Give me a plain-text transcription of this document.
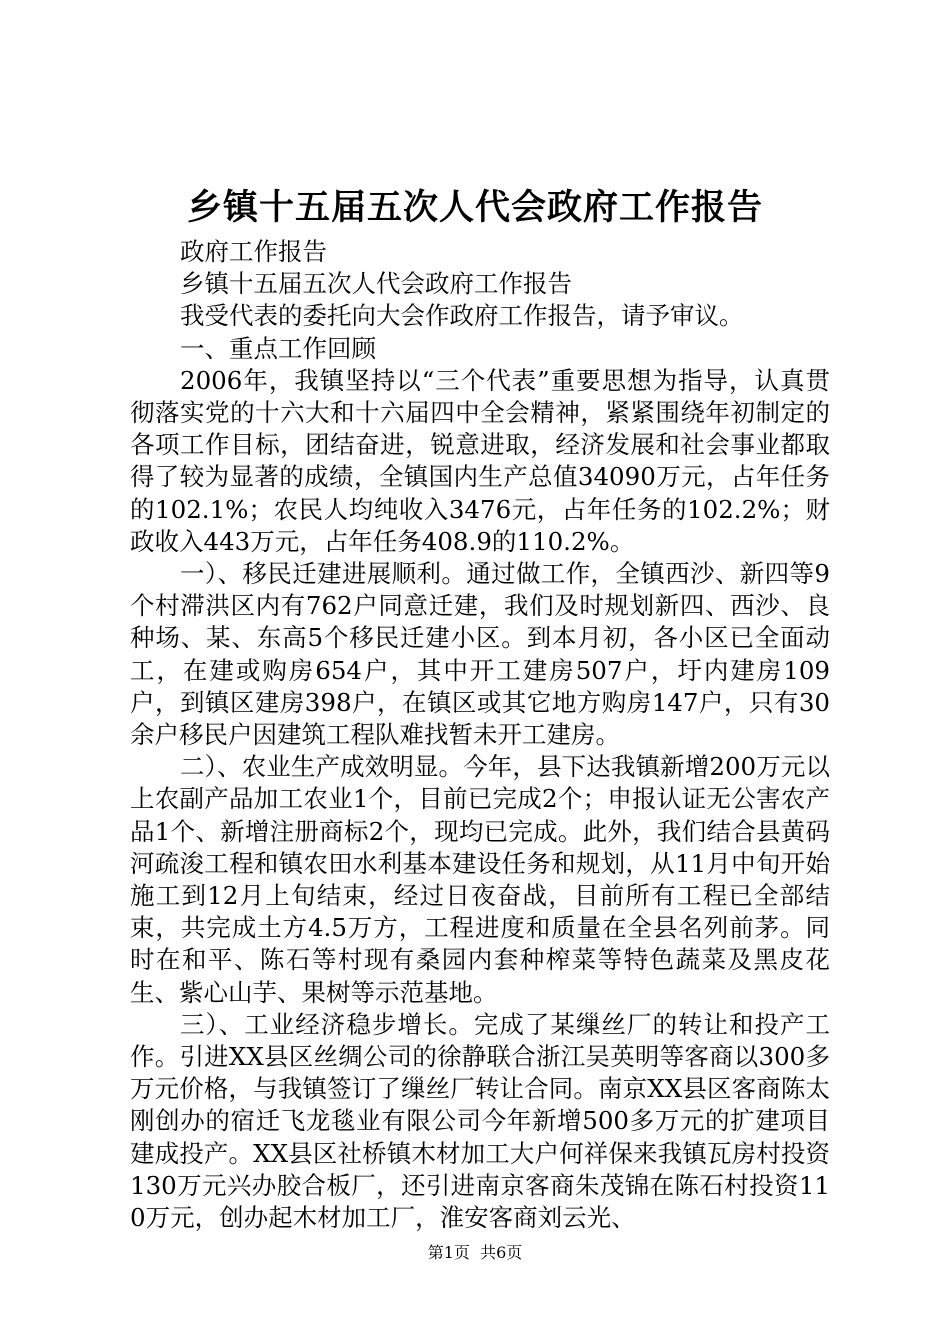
乡镇十五届五次人代会政府工作报告

政府工作报告

乡镇十五届五次人代会政府工作报告

我受代表的委托向大会作政府工作报告，请予审议。

一、重点工作回顾

2006年，我镇坚持以“三个代表”重要思想为指导，认真贯彻落实党的十六大和十六届四中全会精神，紧紧围绕年初制定的各项工作目标，团结奋进，锐意进取，经济发展和社会事业都取得了较为显著的成绩，全镇国内生产总值34090万元，占年任务的102.1%；农民人均纯收入3476元，占年任务的102.2%；财政收入443万元，占年任务408.9的110.2%。

一）、移民迁建进展顺利。通过做工作，全镇西沙、新四等9个村滞洪区内有762户同意迁建，我们及时规划新四、西沙、良种场、某、东高5个移民迁建小区。到本月初，各小区已全面动工，在建或购房654户，其中开工建房507户，圩内建房109户，到镇区建房398户，在镇区或其它地方购房147户，只有30余户移民户因建筑工程队难找暂未开工建房。

二）、农业生产成效明显。今年，县下达我镇新增200万元以上农副产品加工农业1个，目前已完成2个；申报认证无公害农产品1个、新增注册商标2个，现均已完成。此外，我们结合县黄码河疏浚工程和镇农田水利基本建设任务和规划，从11月中旬开始施工到12月上旬结束，经过日夜奋战，目前所有工程已全部结束，共完成土方4.5万方，工程进度和质量在全县名列前茅。同时在和平、陈石等村现有桑园内套种榨菜等特色蔬菜及黑皮花生、紫心山芋、果树等示范基地。

三）、工业经济稳步增长。完成了某缫丝厂的转让和投产工作。引进XX县区丝绸公司的徐静联合浙江吴英明等客商以300多万元价格，与我镇签订了缫丝厂转让合同。南京XX县区客商陈太刚创办的宿迁飞龙毯业有限公司今年新增500多万元的扩建项目建成投产。XX县区社桥镇木材加工大户何祥保来我镇瓦房村投资130万元兴办胶合板厂，还引进南京客商朱茂锦在陈石村投资110万元，创办起木材加工厂，淮安客商刘云光、

第1页 共6页
